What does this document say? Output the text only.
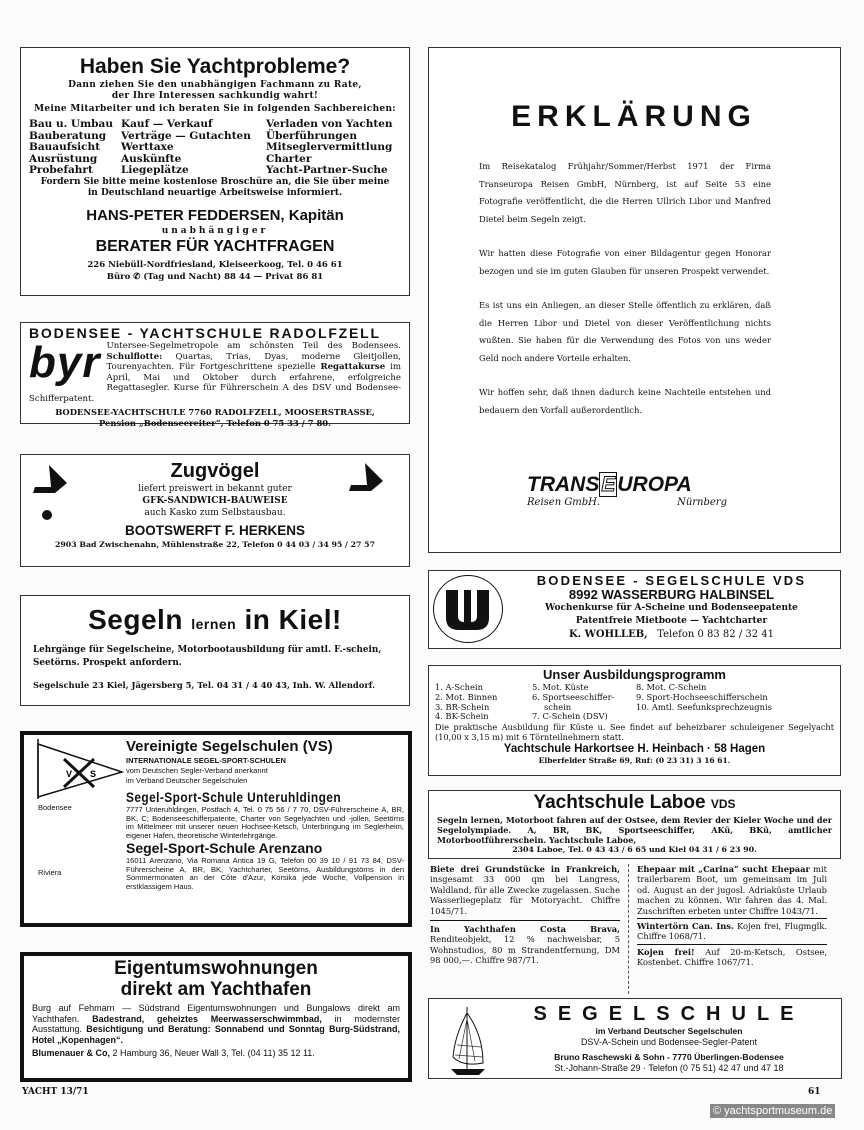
Haben Sie Yachtprobleme?
Dann ziehen Sie den unabhängigen Fachmann zu Rate,
der Ihre Interessen sachkundig wahrt!
Meine Mitarbeiter und ich beraten Sie in folgenden Sachbereichen:
Bau u. Umbau
Bauberatung
Bauaufsicht
Ausrüstung
Probefahrt
Kauf — Verkauf
Verträge — Gutachten
Werttaxe
Auskünfte
Liegeplätze
Verladen von Yachten
Überführungen
Mitseglervermittlung
Charter
Yacht-Partner-Suche
Fordern Sie bitte meine kostenlose Broschüre an, die Sie über meine
in Deutschland neuartige Arbeitsweise informiert.
HANS-PETER FEDDERSEN, Kapitän
unabhängiger
BERATER FÜR YACHTFRAGEN
226 Niebüll-Nordfriesland, Kleiseerkoog, Tel. 0 46 61
Büro ✆ (Tag und Nacht) 88 44 — Privat 86 81
BODENSEE - YACHTSCHULE RADOLFZELL
byr Untersee-Segelmetropole am schönsten Teil des Bodensees. Schulflotte: Quartas, Trias, Dyas, moderne Gleitjollen, Tourenyachten. Für Fortgeschrittene spezielle Regattakurse im April, Mai und Oktober durch erfahrene, erfolgreiche Regattasegler. Kurse für Führerschein A des DSV und Bodensee-Schifferpatent.
BODENSEE-YACHTSCHULE 7760 RADOLFZELL, MOOSERSTRASSE,
Pension „Bodenseereiter“, Telefon 0 75 33 / 7 80.
Zugvögel
liefert preiswert in bekannt guter
GFK-SANDWICH-BAUWEISE
auch Kasko zum Selbstausbau.
BOOTSWERFT F. HERKENS
2903 Bad Zwischenahn, Mühlenstraße 22, Telefon 0 44 03 / 34 95 / 27 57
Segeln lernen in Kiel!
Lehrgänge für Segelscheine, Motorbootausbildung für amtl. F.-schein, Seetörns. Prospekt anfordern.
Segelschule 23 Kiel, Jägersberg 5, Tel. 04 31 / 4 40 43, Inh. W. Allendorf.
V S
Bodensee
Riviera
Vereinigte Segelschulen (VS)
INTERNATIONALE SEGEL-SPORT-SCHULEN
vom Deutschen Segler-Verband anerkannt
im Verband Deutscher Segelschulen
Segel-Sport-Schule Unteruhldingen
7777 Unteruhldingen, Postfach 4, Tel. 0 75 56 / 7 70, DSV-Führerscheine A, BR, BK, C; Bodenseeschifferpatente, Charter von Segelyachten und -jollen, Seetörns im Mittelmeer mit unserer neuen Hochsee-Ketsch, Unterbringung im Seglerheim, eigener Hafen, theoretische Winterlehrgänge.
Segel-Sport-Schule Arenzano
16011 Arenzano, Via Romana Antica 19 G, Telefon 00 39 10 / 91 73 84, DSV-Führerscheine A, BR, BK, Yachtcharter, Seetörns, Ausbildungstörns in den Sommermonaten an der Côte d'Azur, Korsika jede Woche, Vollpension in erstklassigem Haus.
Eigentumswohnungen
direkt am Yachthafen
Burg auf Fehmarn — Südstrand Eigentumswohnungen und Bungalows direkt am Yachthafen. Badestrand, geheiztes Meerwasserschwimmbad, in modernster Ausstattung. Besichtigung und Beratung: Sonnabend und Sonntag Burg-Südstrand, Hotel „Kopenhagen“.
Blumenauer & Co, 2 Hamburg 36, Neuer Wall 3, Tel. (04 11) 35 12 11.
YACHT 13/71	61
© yachtsportmuseum.de
ERKLÄRUNG

Im Reisekatalog Frühjahr/Sommer/Herbst 1971 der Firma Transeuropa Reisen GmbH, Nürnberg, ist auf Seite 53 eine Fotografie veröffentlicht, die die Herren Ullrich Libor und Manfred Dietel beim Segeln zeigt.

Wir hatten diese Fotografie von einer Bildagentur gegen Honorar bezogen und sie im guten Glauben für unseren Prospekt verwendet.

Es ist uns ein Anliegen, an dieser Stelle öffentlich zu erklären, daß die Herren Libor und Dietel von dieser Veröffentlichung nichts wußten. Sie haben für die Verwendung des Fotos von uns weder Geld noch andere Vorteile erhalten.

Wir hoffen sehr, daß ihnen dadurch keine Nachteile entstehen und bedauern den Vorfall außerordentlich.

TRANSEUROPA
Reisen GmbH.	Nürnberg
BODENSEE - SEGELSCHULE VDS
8992 WASSERBURG HALBINSEL
Wochenkurse für A-Scheine und Bodenseepatente
Patentfreie Mietboote — Yachtcharter
K. WOHLLEB, Telefon 0 83 82 / 32 41
Unser Ausbildungsprogramm
1. A-Schein
2. Mot. Binnen
3. BR-Schein
4. BK-Schein
5. Mot. Küste
6. Sportseeschiffer-
schein
7. C-Schein (DSV)
8. Mot. C-Schein
9. Sport-Hochseeschifferschein
10. Amtl. Seefunksprechzeugnis
Die praktische Ausbildung für Küste u. See findet auf beheizbarer schuleigener Segelyacht (10,00 x 3,15 m) mit 6 Törnteilnehmern statt.
Yachtschule Harkortsee H. Heinbach · 58 Hagen
Elberfelder Straße 69, Ruf: (0 23 31) 3 16 61.
Yachtschule Laboe VDS
Segeln lernen, Motorboot fahren auf der Ostsee, dem Revier der Kieler Woche und der Segelolympiade. A, BR, BK, Sportseeschiffer, AKü, BKü, amtlicher Motorbootführerschein. Yachtschule Laboe,
2304 Laboe, Tel. 0 43 43 / 6 65 und Kiel 04 31 / 6 23 90.
Biete drei Grundstücke in Frankreich, insgesamt 33 000 qm bei Langress, Waldland, für alle Zwecke zugelassen. Suche Wasserliegeplatz für Motoryacht. Chiffre 1045/71.
In Yachthafen Costa Brava, Renditeobjekt, 12 % nachweisbar, 5 Wohnstudios, 80 m Strandentfernung, DM 98 000,—. Chiffre 987/71.
Ehepaar mit „Carina“ sucht Ehepaar mit trailerbarem Boot, um gemeinsam im Juli od. August an der jugosl. Adriaküste Urlaub machen zu können. Wir fahren das 4. Mal. Zuschriften erbeten unter Chiffre 1043/71.
Wintertörn Can. Ins. Kojen frei, Flugmglk. Chiffre 1068/71.
Kojen frei! Auf 20-m-Ketsch, Ostsee, Kostenbet. Chiffre 1067/71.
SEGELSCHULE
im Verband Deutscher Segelschulen
DSV-A-Schein und Bodensee-Segler-Patent
Bruno Raschewski & Sohn - 7770 Überlingen-Bodensee
St.-Johann-Straße 29 · Telefon (0 75 51) 42 47 und 47 18
